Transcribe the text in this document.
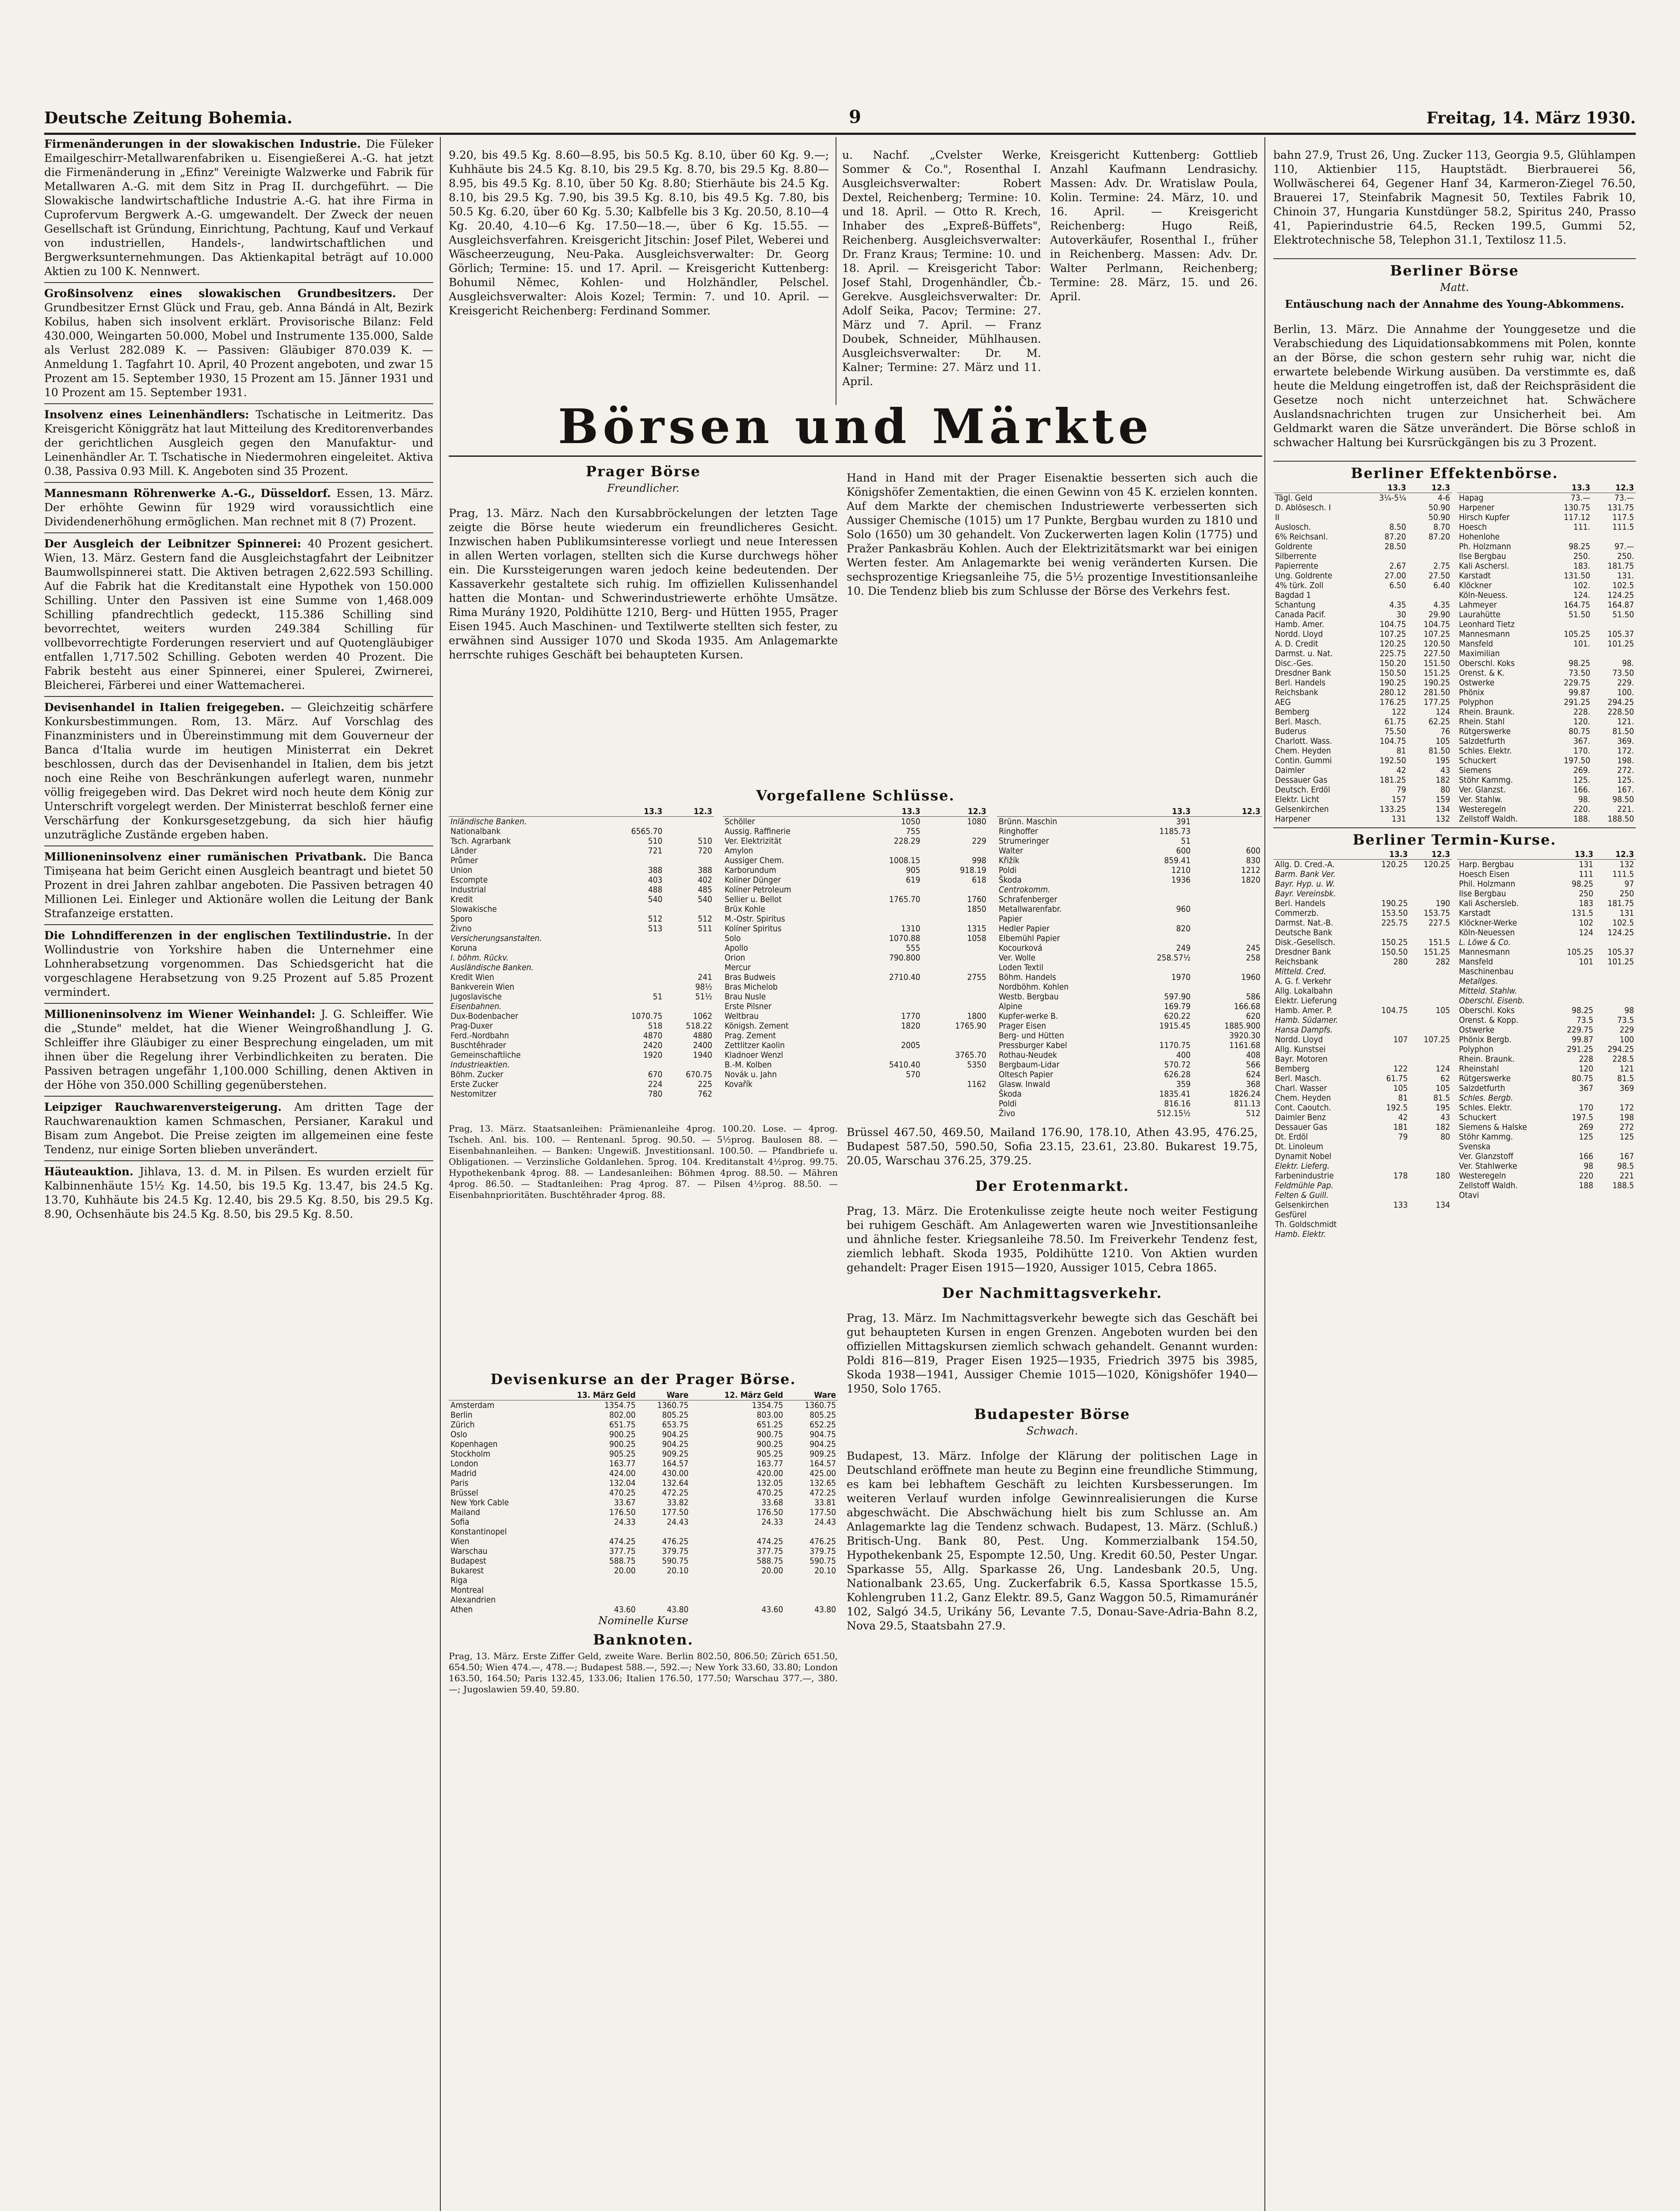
Deutsche Zeitung Bohemia.	9	Freitag, 14. März 1930.

Firmenänderungen in der slowakischen Industrie. Die Füleker Emailgeschirr-Metallwarenfabriken u. Eisengießerei A.-G. hat jetzt die Firmenänderung in „Efinz" Vereinigte Walzwerke und Fabrik für Metallwaren A.-G. mit dem Sitz in Prag II. durchgeführt. — Die Slowakische landwirtschaftliche Industrie A.-G. hat ihre Firma in Cuprofervum Bergwerk A.-G. umgewandelt. Der Zweck der neuen Gesellschaft ist Gründung, Einrichtung, Pachtung, Kauf und Verkauf von industriellen, Handels-, landwirtschaftlichen und Bergwerksunternehmungen. Das Aktienkapital beträgt auf 10.000 Aktien zu 100 K. Nennwert.

Großinsolvenz eines slowakischen Grundbesitzers. Der Grundbesitzer Ernst Glück und Frau, geb. Anna Bándá in Alt, Bezirk Kobilus, haben sich insolvent erklärt. Provisorische Bilanz: Feld 430.000, Weingarten 50.000, Mobel und Instrumente 135.000, Salde als Verlust 282.089 K. — Passiven: Gläubiger 870.039 K. — Anmeldung 1. Tagfahrt 10. April, 40 Prozent angeboten, und zwar 15 Prozent am 15. September 1930, 15 Prozent am 15. Jänner 1931 und 10 Prozent am 15. September 1931.

Insolvenz eines Leinenhändlers: Tschatische in Leitmeritz. Das Kreisgericht Königgrätz hat laut Mitteilung des Kreditorenverbandes der gerichtlichen Ausgleich gegen den Manufaktur- und Leinenhändler Ar. T. Tschatische in Niedermohren eingeleitet. Aktiva 0.38, Passiva 0.93 Mill. K. Angeboten sind 35 Prozent.

Mannesmann Röhrenwerke A.-G., Düsseldorf. Essen, 13. März. Der erhöhte Gewinn für 1929 wird voraussichtlich eine Dividendenerhöhung ermöglichen. Man rechnet mit 8 (7) Prozent.

Der Ausgleich der Leibnitzer Spinnerei: 40 Prozent gesichert. Wien, 13. März. Gestern fand die Ausgleichstagfahrt der Leibnitzer Baumwollspinnerei statt. Die Aktiven betragen 2,622.593 Schilling. Auf die Fabrik hat die Kreditanstalt eine Hypothek von 150.000 Schilling. Unter den Passiven ist eine Summe von 1,468.009 Schilling pfandrechtlich gedeckt, 115.386 Schilling sind bevorrechtet, weiters wurden 249.384 Schilling für vollbevorrechtigte Forderungen reserviert und auf Quotengläubiger entfallen 1,717.502 Schilling. Geboten werden 40 Prozent. Die Fabrik besteht aus einer Spinnerei, einer Spulerei, Zwirnerei, Bleicherei, Färberei und einer Wattemacherei.

Devisenhandel in Italien freigegeben. — Gleichzeitig schärfere Konkursbestimmungen. Rom, 13. März. Auf Vorschlag des Finanzministers und in Übereinstimmung mit dem Gouverneur der Banca d'Italia wurde im heutigen Ministerrat ein Dekret beschlossen, durch das der Devisenhandel in Italien, dem bis jetzt noch eine Reihe von Beschränkungen auferlegt waren, nunmehr völlig freigegeben wird. Das Dekret wird noch heute dem König zur Unterschrift vorgelegt werden. Der Ministerrat beschloß ferner eine Verschärfung der Konkursgesetzgebung, da sich hier häufig unzuträgliche Zustände ergeben haben.

Millioneninsolvenz einer rumänischen Privatbank. Die Banca Timișeana hat beim Gericht einen Ausgleich beantragt und bietet 50 Prozent in drei Jahren zahlbar angeboten. Die Passiven betragen 40 Millionen Lei. Einleger und Aktionäre wollen die Leitung der Bank Strafanzeige erstatten.

Die Lohndifferenzen in der englischen Textilindustrie. In der Wollindustrie von Yorkshire haben die Unternehmer eine Lohnherabsetzung vorgenommen. Das Schiedsgericht hat die vorgeschlagene Herabsetzung von 9.25 Prozent auf 5.85 Prozent vermindert.

Millioneninsolvenz im Wiener Weinhandel: J. G. Schleiffer. Wie die „Stunde" meldet, hat die Wiener Weingroßhandlung J. G. Schleiffer ihre Gläubiger zu einer Besprechung eingeladen, um mit ihnen über die Regelung ihrer Verbindlichkeiten zu beraten. Die Passiven betragen ungefähr 1,100.000 Schilling, denen Aktiven in der Höhe von 350.000 Schilling gegenüberstehen.

Leipziger Rauchwarenversteigerung. Am dritten Tage der Rauchwarenauktion kamen Schmaschen, Persianer, Karakul und Bisam zum Angebot. Die Preise zeigten im allgemeinen eine feste Tendenz, nur einige Sorten blieben unverändert.

Häuteauktion. Jihlava, 13. d. M. in Pilsen. Es wurden erzielt für Kalbinnenhäute 15½ Kg. 14.50, bis 19.5 Kg. 13.47, bis 24.5 Kg. 13.70, Kuhhäute bis 24.5 Kg. 12.40, bis 29.5 Kg. 8.50, bis 29.5 Kg. 8.90, Ochsenhäute bis 24.5 Kg. 8.50, bis 29.5 Kg. 8.50.

9.20, bis 49.5 Kg. 8.60—8.95, bis 50.5 Kg. 8.10, über 60 Kg. 9.—; Kuhhäute bis 24.5 Kg. 8.10, bis 29.5 Kg. 8.70, bis 29.5 Kg. 8.80—8.95, bis 49.5 Kg. 8.10, über 50 Kg. 8.80; Stierhäute bis 24.5 Kg. 8.10, bis 29.5 Kg. 7.90, bis 39.5 Kg. 8.10, bis 49.5 Kg. 7.80, bis 50.5 Kg. 6.20, über 60 Kg. 5.30; Kalbfelle bis 3 Kg. 20.50, 8.10—4 Kg. 20.40, 4.10—6 Kg. 17.50—18.—, über 6 Kg. 15.55. — Ausgleichsverfahren. Kreisgericht Jitschin: Josef Pilet, Weberei und Wäscheerzeugung, Neu-Paka. Ausgleichsverwalter: Dr. Georg Görlich; Termine: 15. und 17. April. — Kreisgericht Kuttenberg: Bohumil Němec, Kohlen- und Holzhändler, Pelschel. Ausgleichsverwalter: Alois Kozel; Termin: 7. und 10. April. — Kreisgericht Reichenberg: Ferdinand Sommer.

u. Nachf. „Cvelster Werke, Sommer & Co.", Rosenthal I. Ausgleichsverwalter: Robert Dextel, Reichenberg; Termine: 10. und 18. April. — Otto R. Krech, Inhaber des „Expreß-Büffets", Reichenberg. Ausgleichsverwalter: Dr. Franz Kraus; Termine: 10. und 18. April. — Kreisgericht Tabor: Josef Stahl, Drogenhändler, Čb.-Gerekve. Ausgleichsverwalter: Dr. Adolf Seika, Pacov; Termine: 27. März und 7. April. — Franz Doubek, Schneider, Mühlhausen. Ausgleichsverwalter: Dr. M. Kalner; Termine: 27. März und 11. April.

Kreisgericht Kuttenberg: Gottlieb Anzahl Kaufmann Lendrasichy. Massen: Adv. Dr. Wratislaw Poula, Kolin. Termine: 24. März, 10. und 16. April. — Kreisgericht Reichenberg: Hugo Reiß, Autoverkäufer, Rosenthal I., früher in Reichenberg. Massen: Adv. Dr. Walter Perlmann, Reichenberg; Termine: 28. März, 15. und 26. April.

Börsen und Märkte
Prager Börse
Freundlicher.

Prag, 13. März. Nach den Kursabbröckelungen der letzten Tage zeigte die Börse heute wiederum ein freundlicheres Gesicht. Inzwischen haben Publikumsinteresse vorliegt und neue Interessen in allen Werten vorlagen, stellten sich die Kurse durchwegs höher ein. Die Kurssteigerungen waren jedoch keine bedeutenden. Der Kassaverkehr gestaltete sich ruhig. Im offiziellen Kulissenhandel hatten die Montan- und Schwerindustriewerte erhöhte Umsätze. Rima Murány 1920, Poldihütte 1210, Berg- und Hütten 1955, Prager Eisen 1945. Auch Maschinen- und Textilwerte stellten sich fester, zu erwähnen sind Aussiger 1070 und Skoda 1935. Am Anlagemarkte herrschte ruhiges Geschäft bei behaupteten Kursen.

Hand in Hand mit der Prager Eisenaktie besserten sich auch die Königshöfer Zementaktien, die einen Gewinn von 45 K. erzielen konnten. Auf dem Markte der chemischen Industriewerte verbesserten sich Aussiger Chemische (1015) um 17 Punkte, Bergbau wurden zu 1810 und Solo (1650) um 30 gehandelt. Von Zuckerwerten lagen Kolin (1775) und Pražer Pankasbräu Kohlen. Auch der Elektrizitätsmarkt war bei einigen Werten fester. Am Anlagemarkte bei wenig veränderten Kursen. Die sechsprozentige Kriegsanleihe 75, die 5½ prozentige Investitionsanleihe 10. Die Tendenz blieb bis zum Schlusse der Börse des Verkehrs fest.

Vorgefallene Schlüsse.
	13.3	12.3
Inländische Banken.		
Nationalbank	6565.70	
Tsch. Agrarbank	510	510
Länder	721	720
Průmer		
Union	388	388
Escompte	403	402
Industrial	488	485
Kredit	540	540
Slowakische		
Sporo	512	512
Živno	513	511
Versicherungsanstalten.		
Koruna		
I. böhm. Rückv.		
Ausländische Banken.		
Kredit Wien		241
Bankverein Wien		98½
Jugoslavische	51	51½
Eisenbahnen.		
Dux-Bodenbacher	1070.75	1062
Prag-Duxer	518	518.22
Ferd.-Nordbahn	4870	4880
Buschtěhrader	2420	2400
Gemeinschaftliche	1920	1940
Industrieaktien.		
Böhm. Zucker	670	670.75
Erste Zucker	224	225
Nestomitzer	780	762
	13.3	12.3
Schöller	1050	1080
Aussig. Raffinerie	755	
Ver. Elektrizität	228.29	229
Amylon		
Aussiger Chem.	1008.15	998
Karborundum	905	918.19
Kolíner Dünger	619	618
Kolíner Petroleum		
Sellier u. Bellot	1765.70	1760
Brüx Kohle		1850
M.-Ostr. Spiritus		
Kolíner Spiritus	1310	1315
Solo	1070.88	1058
Apollo	555	
Orion	790.800	
Mercur		
Bras Budweis	2710.40	2755
Bras Michelob		
Brau Nusle		
Erste Pilsner		
Weltbrau	1770	1800
Königsh. Zement	1820	1765.90
Prag. Zement		
Zettlitzer Kaolin	2005	
Kladnoer Wenzl		3765.70
B.-M. Kolben	5410.40	5350
Novák u. Jahn	570	
Kovařík		1162
	13.3	12.3
Brünn. Maschin	391	
Ringhoffer	1185.73	
Strumeringer	51	
Walter	600	600
Křižík	859.41	830
Poldi	1210	1212
Škoda	1936	1820
Centrokomm.		
Schrafenberger		
Metallwarenfabr.	960	
Papier		
Hedler Papier	820	
Elbemühl Papier		
Kocourková	249	245
Ver. Wolle	258.57½	258
Loden Textil		
Böhm. Handels	1970	1960
Nordböhm. Kohlen		
Westb. Bergbau	597.90	586
Alpine	169.79	166.68
Kupfer-werke B.	620.22	620
Prager Eisen	1915.45	1885.900
Berg- und Hütten		3920.30
Pressburger Kabel	1170.75	1161.68
Rothau-Neudek	400	408
Bergbaum-Lidar	570.72	566
Oltesch Papier	626.28	624
Glasw. Inwald	359	368
Škoda	1835.41	1826.24
Poldi	816.16	811.13
Živo	512.15½	512

Prag, 13. März. Staatsanleihen: Prämienanleihe 4prog. 100.20. Lose. — 4prog. Tscheh. Anl. bis. 100. — Rentenanl. 5prog. 90.50. — 5½prog. Baulosen 88. — Eisenbahnanleihen. — Banken: Ungewiß. Jnvestitionsanl. 100.50. — Pfandbriefe u. Obligationen. — Verzinsliche Goldanlehen. 5prog. 104. Kreditanstalt 4½prog. 99.75. Hypothekenbank 4prog. 88. — Landesanleihen: Böhmen 4prog. 88.50. — Mähren 4prog. 86.50. — Stadtanleihen: Prag 4prog. 87. — Pilsen 4½prog. 88.50. — Eisenbahnprioritäten. Buschtěhrader 4prog. 88.

Devisenkurse an der Prager Börse.
	13. März Geld	Ware	12. März Geld	Ware
Amsterdam	1354.75	1360.75	1354.75	1360.75
Berlin	802.00	805.25	803.00	805.25
Zürich	651.75	653.75	651.25	652.25
Oslo	900.25	904.25	900.75	904.75
Kopenhagen	900.25	904.25	900.25	904.25
Stockholm	905.25	909.25	905.25	909.25
London	163.77	164.57	163.77	164.57
Madrid	424.00	430.00	420.00	425.00
Paris	132.04	132.64	132.05	132.65
Brüssel	470.25	472.25	470.25	472.25
New York Cable	33.67	33.82	33.68	33.81
Mailand	176.50	177.50	176.50	177.50
Sofia	24.33	24.43	24.33	24.43
Konstantinopel				
Wien	474.25	476.25	474.25	476.25
Warschau	377.75	379.75	377.75	379.75
Budapest	588.75	590.75	588.75	590.75
Bukarest	20.00	20.10	20.00	20.10
Riga				
Montreal				
Alexandrien				
Athen	43.60	43.80	43.60	43.80
Nominelle Kurse
Banknoten.
Prag, 13. März. Erste Ziffer Geld, zweite Ware. Berlin 802.50, 806.50; Zürich 651.50, 654.50; Wien 474.—, 478.—; Budapest 588.—, 592.—; New York 33.60, 33.80; London 163.50, 164.50; Paris 132.45, 133.06; Italien 176.50, 177.50; Warschau 377.—, 380.—; Jugoslawien 59.40, 59.80.

Brüssel 467.50, 469.50, Mailand 176.90, 178.10, Athen 43.95, 476.25, Budapest 587.50, 590.50, Sofia 23.15, 23.61, 23.80. Bukarest 19.75, 20.05, Warschau 376.25, 379.25.

Der Erotenmarkt.

Prag, 13. März. Die Erotenkulisse zeigte heute noch weiter Festigung bei ruhigem Geschäft. Am Anlagewerten waren wie Jnvestitionsanleihe und ähnliche fester. Kriegsanleihe 78.50. Im Freiverkehr Tendenz fest, ziemlich lebhaft. Skoda 1935, Poldihütte 1210. Von Aktien wurden gehandelt: Prager Eisen 1915—1920, Aussiger 1015, Cebra 1865.

Der Nachmittagsverkehr.

Prag, 13. März. Im Nachmittagsverkehr bewegte sich das Geschäft bei gut behaupteten Kursen in engen Grenzen. Angeboten wurden bei den offiziellen Mittagskursen ziemlich schwach gehandelt. Genannt wurden: Poldi 816—819, Prager Eisen 1925—1935, Friedrich 3975 bis 3985, Skoda 1938—1941, Aussiger Chemie 1015—1020, Königshöfer 1940—1950, Solo 1765.

Budapester Börse
Schwach.

Budapest, 13. März. Infolge der Klärung der politischen Lage in Deutschland eröffnete man heute zu Beginn eine freundliche Stimmung, es kam bei lebhaftem Geschäft zu leichten Kursbesserungen. Im weiteren Verlauf wurden infolge Gewinnrealisierungen die Kurse abgeschwächt. Die Abschwächung hielt bis zum Schlusse an. Am Anlagemarkte lag die Tendenz schwach. Budapest, 13. März. (Schluß.) Britisch-Ung. Bank 80, Pest. Ung. Kommerzialbank 154.50, Hypothekenbank 25, Espompte 12.50, Ung. Kredit 60.50, Pester Ungar. Sparkasse 55, Allg. Sparkasse 26, Ung. Landesbank 20.5, Ung. Nationalbank 23.65, Ung. Zuckerfabrik 6.5, Kassa Sportkasse 15.5, Kohlengruben 11.2, Ganz Elektr. 89.5, Ganz Waggon 50.5, Rimamuránér 102, Salgó 34.5, Urikány 56, Levante 7.5, Donau-Save-Adria-Bahn 8.2, Nova 29.5, Staatsbahn 27.9.

bahn 27.9, Trust 26, Ung. Zucker 113, Georgia 9.5, Glühlampen 110, Aktienbier 115, Hauptstädt. Bierbrauerei 56, Wollwäscherei 64, Gegener Hanf 34, Karmeron-Ziegel 76.50, Brauerei 17, Steinfabrik Magnesit 50, Textiles Fabrik 10, Chinoin 37, Hungaria Kunstdünger 58.2, Spiritus 240, Prasso 41, Papierindustrie 64.5, Recken 199.5, Gummi 52, Elektrotechnische 58, Telephon 31.1, Textilosz 11.5.

Berliner Börse
Matt.
Entäuschung nach der Annahme des Young-Abkommens.

Berlin, 13. März. Die Annahme der Younggesetze und die Verabschiedung des Liquidationsabkommens mit Polen, konnte an der Börse, die schon gestern sehr ruhig war, nicht die erwartete belebende Wirkung ausüben. Da verstimmte es, daß heute die Meldung eingetroffen ist, daß der Reichspräsident die Gesetze noch nicht unterzeichnet hat. Schwächere Auslandsnachrichten trugen zur Unsicherheit bei. Am Geldmarkt waren die Sätze unverändert. Die Börse schloß in schwacher Haltung bei Kursrückgängen bis zu 3 Prozent.

Berliner Effektenbörse.
	13.3	12.3
Tägl. Geld	3¼-5¼	4-6
D. Ablösesch. I		50.90
II		50.90
Auslosch.	8.50	8.70
6% Reichsanl.	87.20	87.20
Goldrente	28.50	
Silberrente		
Papierrente	2.67	2.75
Ung. Goldrente	27.00	27.50
4% türk. Zoll	6.50	6.40
Bagdad 1		
Schantung	4.35	4.35
Canada Pacif.	30	29.90
Hamb. Amer.	104.75	104.75
Nordd. Lloyd	107.25	107.25
A. D. Credit	120.25	120.50
Darmst. u. Nat.	225.75	227.50
Disc.-Ges.	150.20	151.50
Dresdner Bank	150.50	151.25
Berl. Handels	190.25	190.25
Reichsbank	280.12	281.50
AEG	176.25	177.25
Bemberg	122	124
Berl. Masch.	61.75	62.25
Buderus	75.50	76
Charlott. Wass.	104.75	105
Chem. Heyden	81	81.50
Contin. Gummi	192.50	195
Daimler	42	43
Dessauer Gas	181.25	182
Deutsch. Erdöl	79	80
Elektr. Licht	157	159
Gelsenkirchen	133.25	134
Harpener	131	132
	13.3	12.3
Hapag	73.—	73.—
Harpener	130.75	131.75
Hirsch Kupfer	117.12	117.5
Hoesch	111.	111.5
Hohenlohe		
Ph. Holzmann	98.25	97.—
Ilse Bergbau	250.	250.
Kali Aschersl.	183.	181.75
Karstadt	131.50	131.
Klöckner	102.	102.5
Köln-Neuess.	124.	124.25
Lahmeyer	164.75	164.87
Laurahütte	51.50	51.50
Leonhard Tietz		
Mannesmann	105.25	105.37
Mansfeld	101.	101.25
Maximilian		
Oberschl. Koks	98.25	98.
Orenst. & K.	73.50	73.50
Ostwerke	229.75	229.
Phönix	99.87	100.
Polyphon	291.25	294.25
Rhein. Braunk.	228.	228.50
Rhein. Stahl	120.	121.
Rütgerswerke	80.75	81.50
Salzdetfurth	367.	369.
Schles. Elektr.	170.	172.
Schuckert	197.50	198.
Siemens	269.	272.
Stöhr Kammg.	125.	125.
Ver. Glanzst.	166.	167.
Ver. Stahlw.	98.	98.50
Westeregeln	220.	221.
Zellstoff Waldh.	188.	188.50
Berliner Termin-Kurse.
	13.3	12.3
Allg. D. Cred.-A.	120.25	120.25
Barm. Bank Ver.		
Bayr. Hyp. u. W.		
Bayr. Vereinsbk.		
Berl. Handels	190.25	190
Commerzb.	153.50	153.75
Darmst. Nat.-B.	225.75	227.5
Deutsche Bank		
Disk.-Gesellsch.	150.25	151.5
Dresdner Bank	150.50	151.25
Reichsbank	280	282
Mitteld. Cred.		
A. G. f. Verkehr		
Allg. Lokalbahn		
Elektr. Lieferung		
Hamb. Amer. P.	104.75	105
Hamb. Südamer.		
Hansa Dampfs.		
Nordd. Lloyd	107	107.25
Allg. Kunstsei		
Bayr. Motoren		
Bemberg	122	124
Berl. Masch.	61.75	62
Charl. Wasser	105	105
Chem. Heyden	81	81.5
Cont. Caoutch.	192.5	195
Daimler Benz	42	43
Dessauer Gas	181	182
Dt. Erdöl	79	80
Dt. Linoleum		
Dynamit Nobel		
Elektr. Lieferg.		
Farbenindustrie	178	180
Feldmühle Pap.		
Felten & Guill.		
Gelsenkirchen	133	134
Gesfürel		
Th. Goldschmidt		
Hamb. Elektr.		
	13.3	12.3
Harp. Bergbau	131	132
Hoesch Eisen	111	111.5
Phil. Holzmann	98.25	97
Ilse Bergbau	250	250
Kali Aschersleb.	183	181.75
Karstadt	131.5	131
Klöckner-Werke	102	102.5
Köln-Neuessen	124	124.25
L. Löwe & Co.		
Mannesmann	105.25	105.37
Mansfeld	101	101.25
Maschinenbau		
Metallges.		
Mitteld. Stahlw.		
Oberschl. Eisenb.		
Oberschl. Koks	98.25	98
Orenst. & Kopp.	73.5	73.5
Ostwerke	229.75	229
Phönix Bergb.	99.87	100
Polyphon	291.25	294.25
Rhein. Braunk.	228	228.5
Rheinstahl	120	121
Rütgerswerke	80.75	81.5
Salzdetfurth	367	369
Schles. Bergb.		
Schles. Elektr.	170	172
Schuckert	197.5	198
Siemens & Halske	269	272
Stöhr Kammg.	125	125
Svenska		
Ver. Glanzstoff	166	167
Ver. Stahlwerke	98	98.5
Westeregeln	220	221
Zellstoff Waldh.	188	188.5
Otavi		
